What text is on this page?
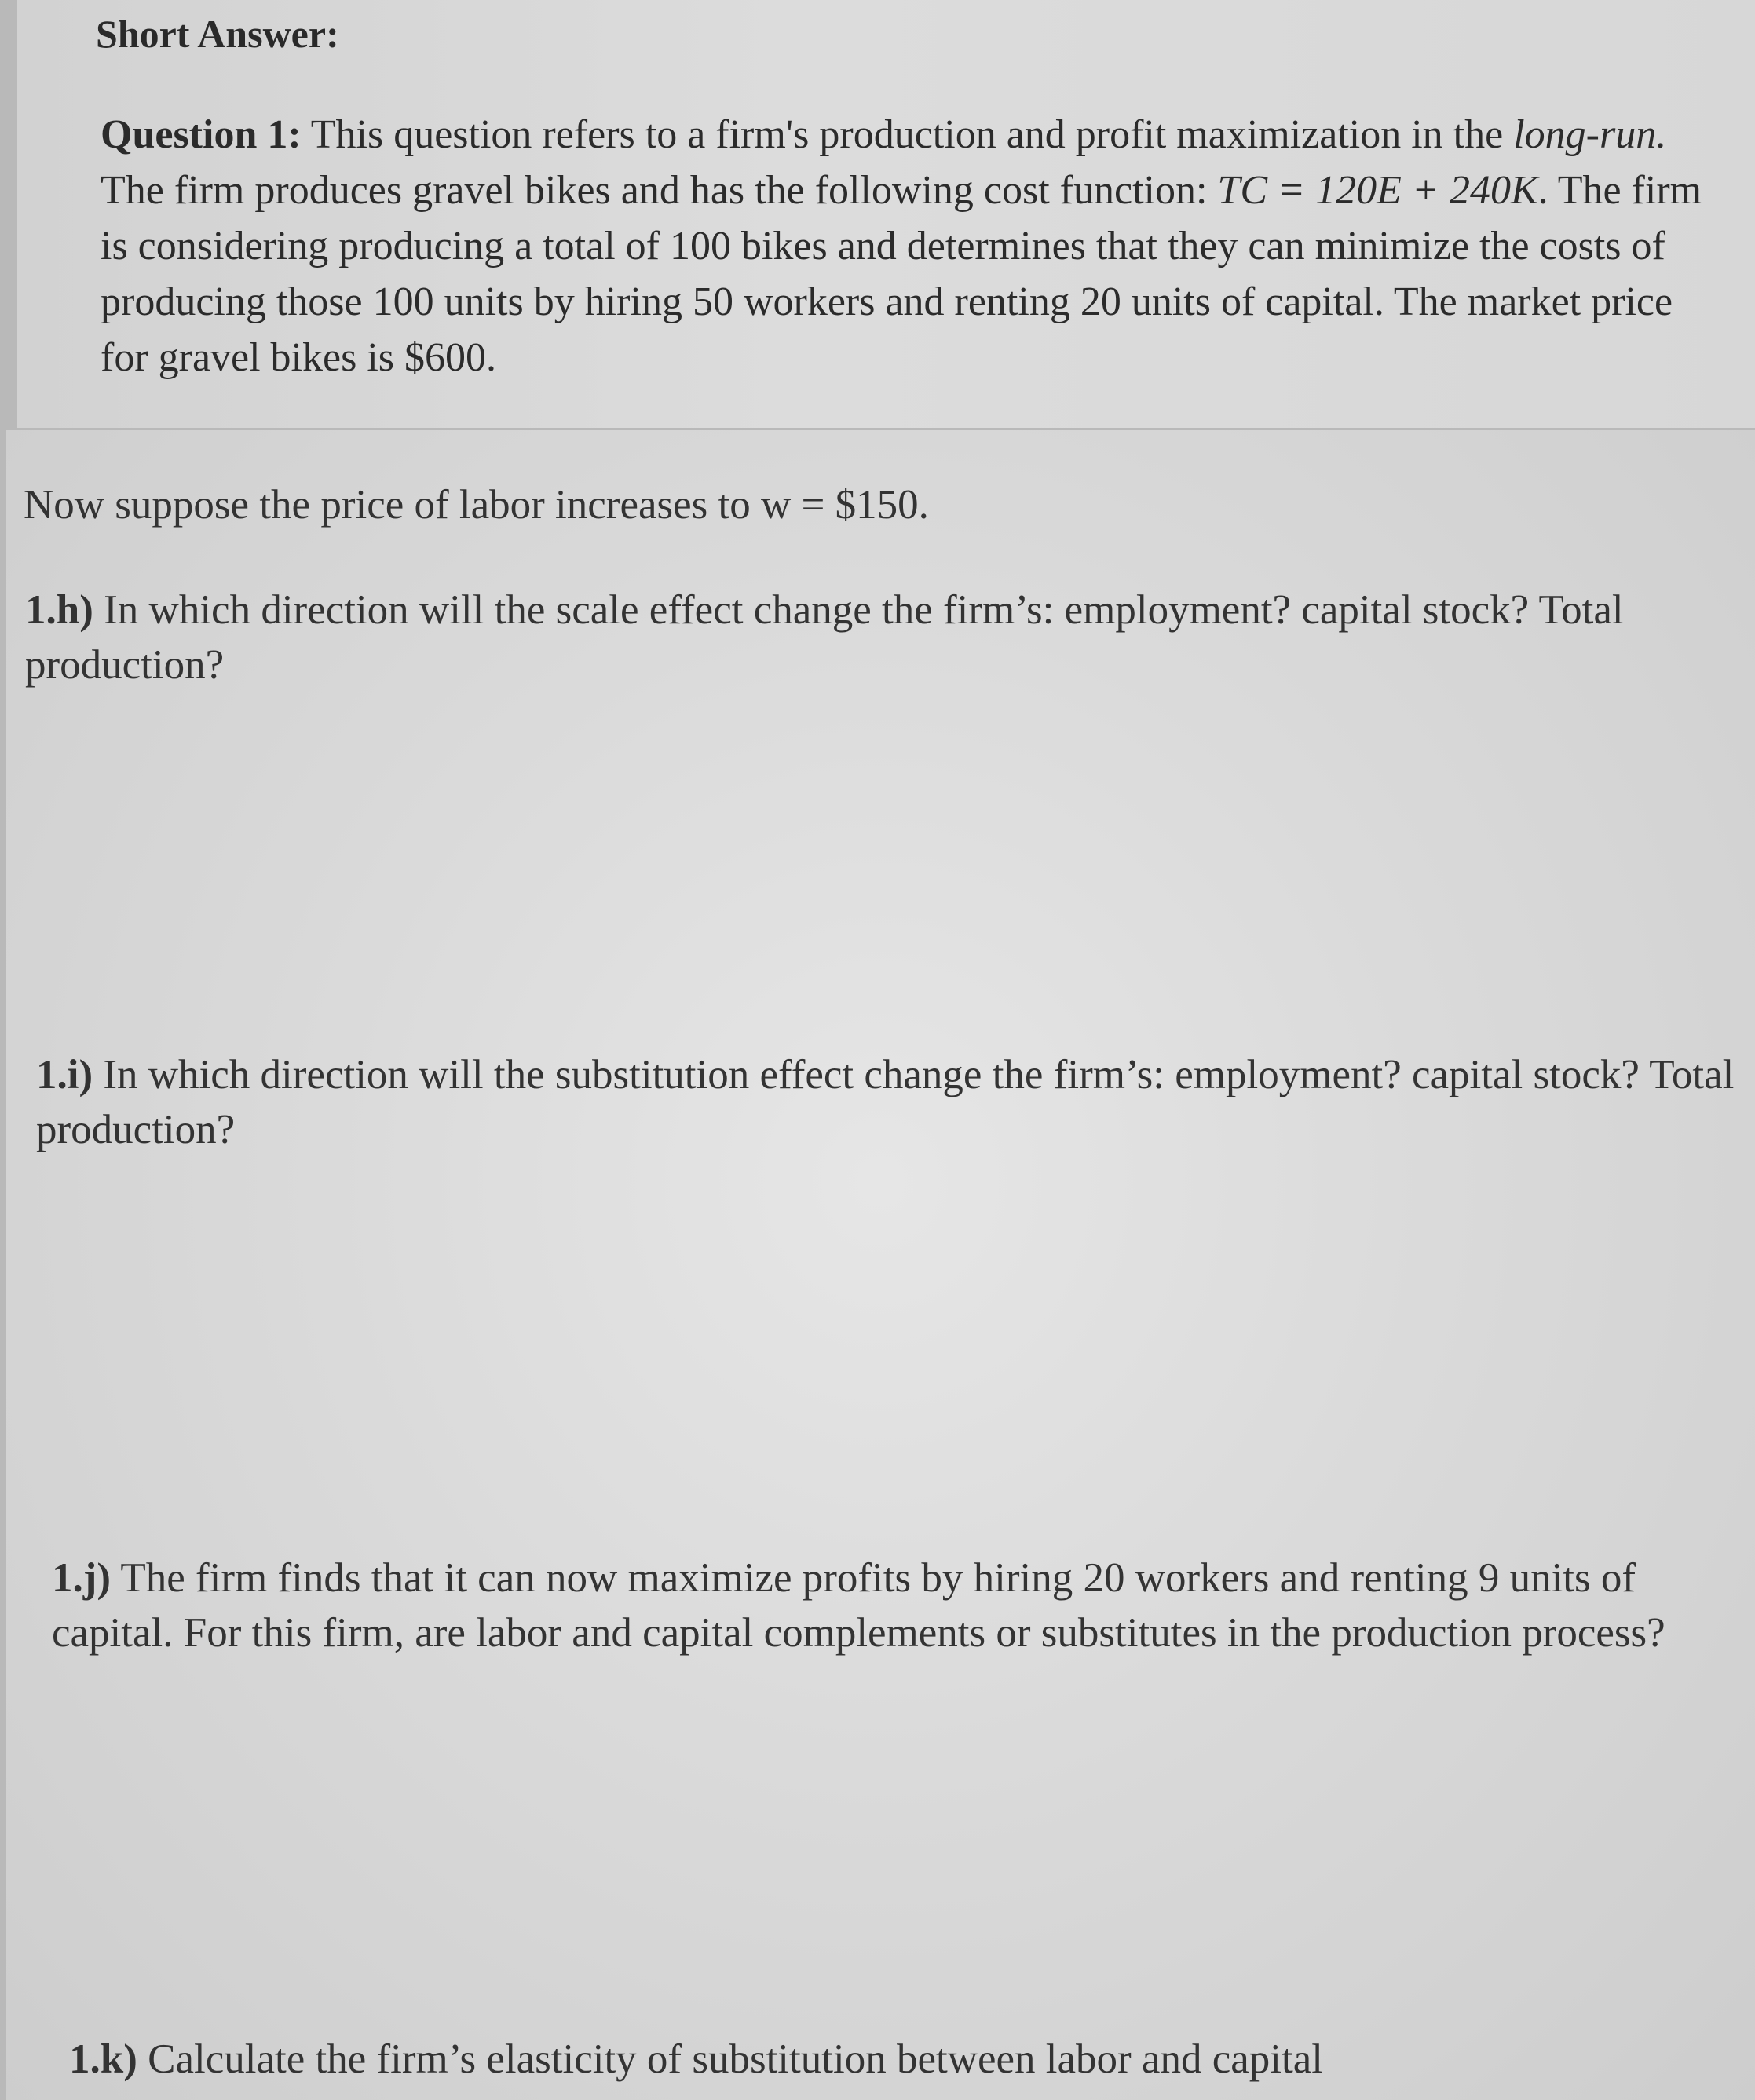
Short Answer:

Question 1: This question refers to a firm's production and profit maximization in the long-run. The firm produces gravel bikes and has the following cost function: TC = 120E + 240K. The firm is considering producing a total of 100 bikes and determines that they can minimize the costs of producing those 100 units by hiring 50 workers and renting 20 units of capital. The market price for gravel bikes is $600.

Now suppose the price of labor increases to w = $150.

1.h) In which direction will the scale effect change the firm’s: employment? capital stock? Total production?

1.i) In which direction will the substitution effect change the firm’s: employment? capital stock? Total production?

1.j) The firm finds that it can now maximize profits by hiring 20 workers and renting 9 units of capital. For this firm, are labor and capital complements or substitutes in the production process?

1.k) Calculate the firm’s elasticity of substitution between labor and capital
